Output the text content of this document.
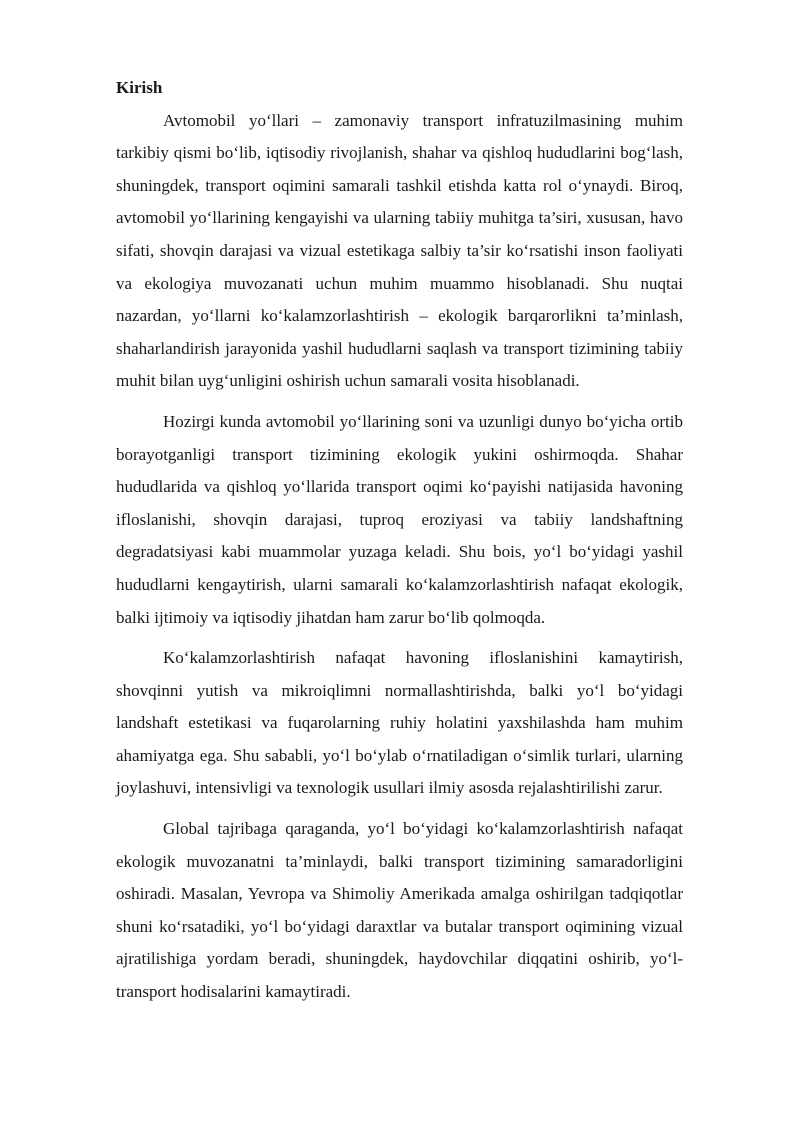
Kirish

Avtomobil yo‘llari – zamonaviy transport infratuzilmasining muhim tarkibiy qismi bo‘lib, iqtisodiy rivojlanish, shahar va qishloq hududlarini bog‘lash, shuningdek, transport oqimini samarali tashkil etishda katta rol o‘ynaydi. Biroq, avtomobil yo‘llarining kengayishi va ularning tabiiy muhitga ta’siri, xususan, havo sifati, shovqin darajasi va vizual estetikaga salbiy ta’sir ko‘rsatishi inson faoliyati va ekologiya muvozanati uchun muhim muammo hisoblanadi. Shu nuqtai nazardan, yo‘llarni ko‘kalamzorlashtirish – ekologik barqarorlikni ta’minlash, shaharlandirish jarayonida yashil hududlarni saqlash va transport tizimining tabiiy muhit bilan uyg‘unligini oshirish uchun samarali vosita hisoblanadi.

Hozirgi kunda avtomobil yo‘llarining soni va uzunligi dunyo bo‘yicha ortib borayotganligi transport tizimining ekologik yukini oshirmoqda. Shahar hududlarida va qishloq yo‘llarida transport oqimi ko‘payishi natijasida havoning ifloslanishi, shovqin darajasi, tuproq eroziyasi va tabiiy landshaftning degradatsiyasi kabi muammolar yuzaga keladi. Shu bois, yo‘l bo‘yidagi yashil hududlarni kengaytirish, ularni samarali ko‘kalamzorlashtirish nafaqat ekologik, balki ijtimoiy va iqtisodiy jihatdan ham zarur bo‘lib qolmoqda.

Ko‘kalamzorlashtirish nafaqat havoning ifloslanishini kamaytirish, shovqinni yutish va mikroiqlimni normallashtirishda, balki yo‘l bo‘yidagi landshaft estetikasi va fuqarolarning ruhiy holatini yaxshilashda ham muhim ahamiyatga ega. Shu sababli, yo‘l bo‘ylab o‘rnatiladigan o‘simlik turlari, ularning joylashuvi, intensivligi va texnologik usullari ilmiy asosda rejalashtirilishi zarur.

Global tajribaga qaraganda, yo‘l bo‘yidagi ko‘kalamzorlashtirish nafaqat ekologik muvozanatni ta’minlaydi, balki transport tizimining samaradorligini oshiradi. Masalan, Yevropa va Shimoliy Amerikada amalga oshirilgan tadqiqotlar shuni ko‘rsatadiki, yo‘l bo‘yidagi daraxtlar va butalar transport oqimining vizual ajratilishiga yordam beradi, shuningdek, haydovchilar diqqatini oshirib, yo‘l-transport hodisalarini kamaytiradi.
